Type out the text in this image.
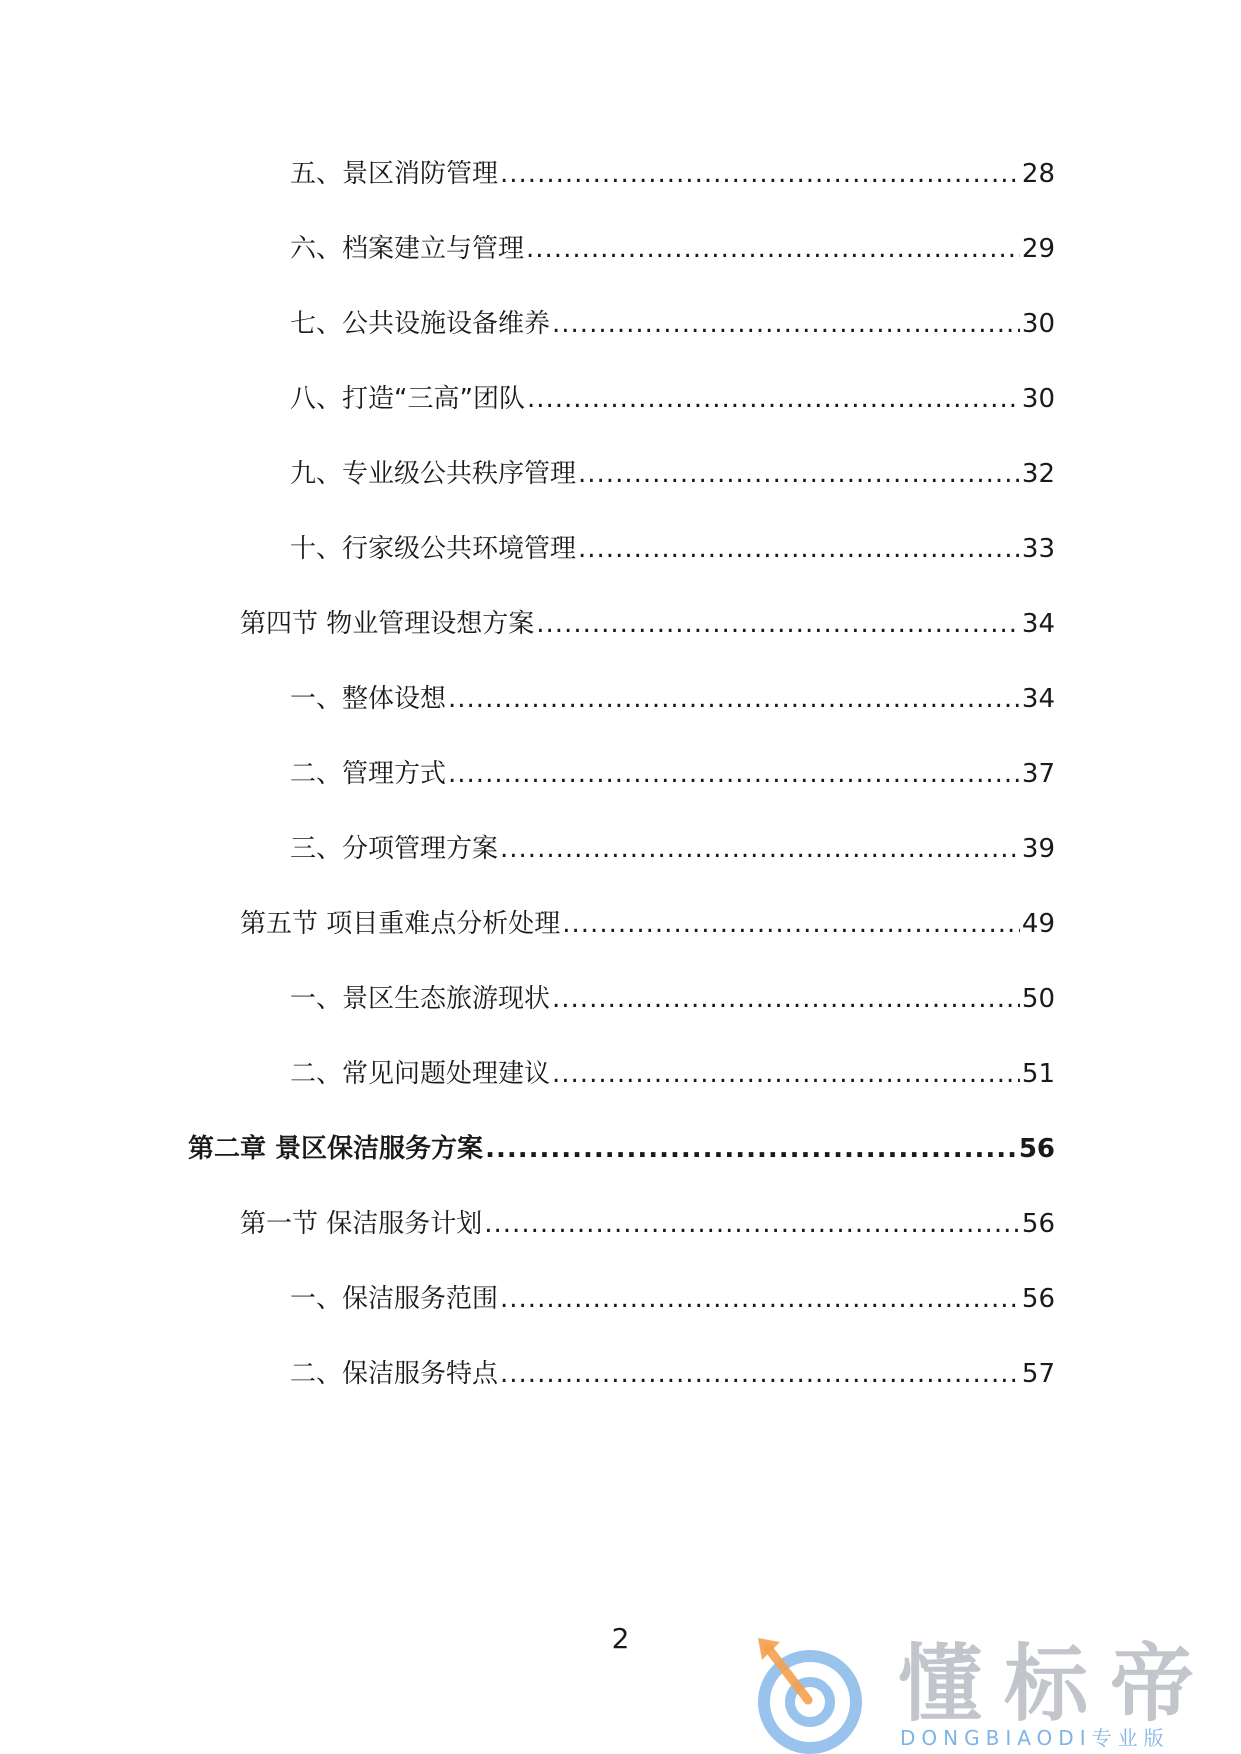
五、景区消防管理 .....	28
六、档案建立与管理 .....	29
七、公共设施设备维养 .....	30
八、打造“三高”团队 .....	30
九、专业级公共秩序管理 .....	32
十、行家级公共环境管理 .....	33
第四节 物业管理设想方案 .....	34
一、整体设想 .....	34
二、管理方式 .....	37
三、分项管理方案 .....	39
第五节 项目重难点分析处理 .....	49
一、景区生态旅游现状 .....	50
二、常见问题处理建议 .....	51
第二章 景区保洁服务方案 .....	56
第一节 保洁服务计划 .....	56
一、保洁服务范围 .....	56
二、保洁服务特点 .....	57
2	懂标帝
DONGBIAODI专业版
